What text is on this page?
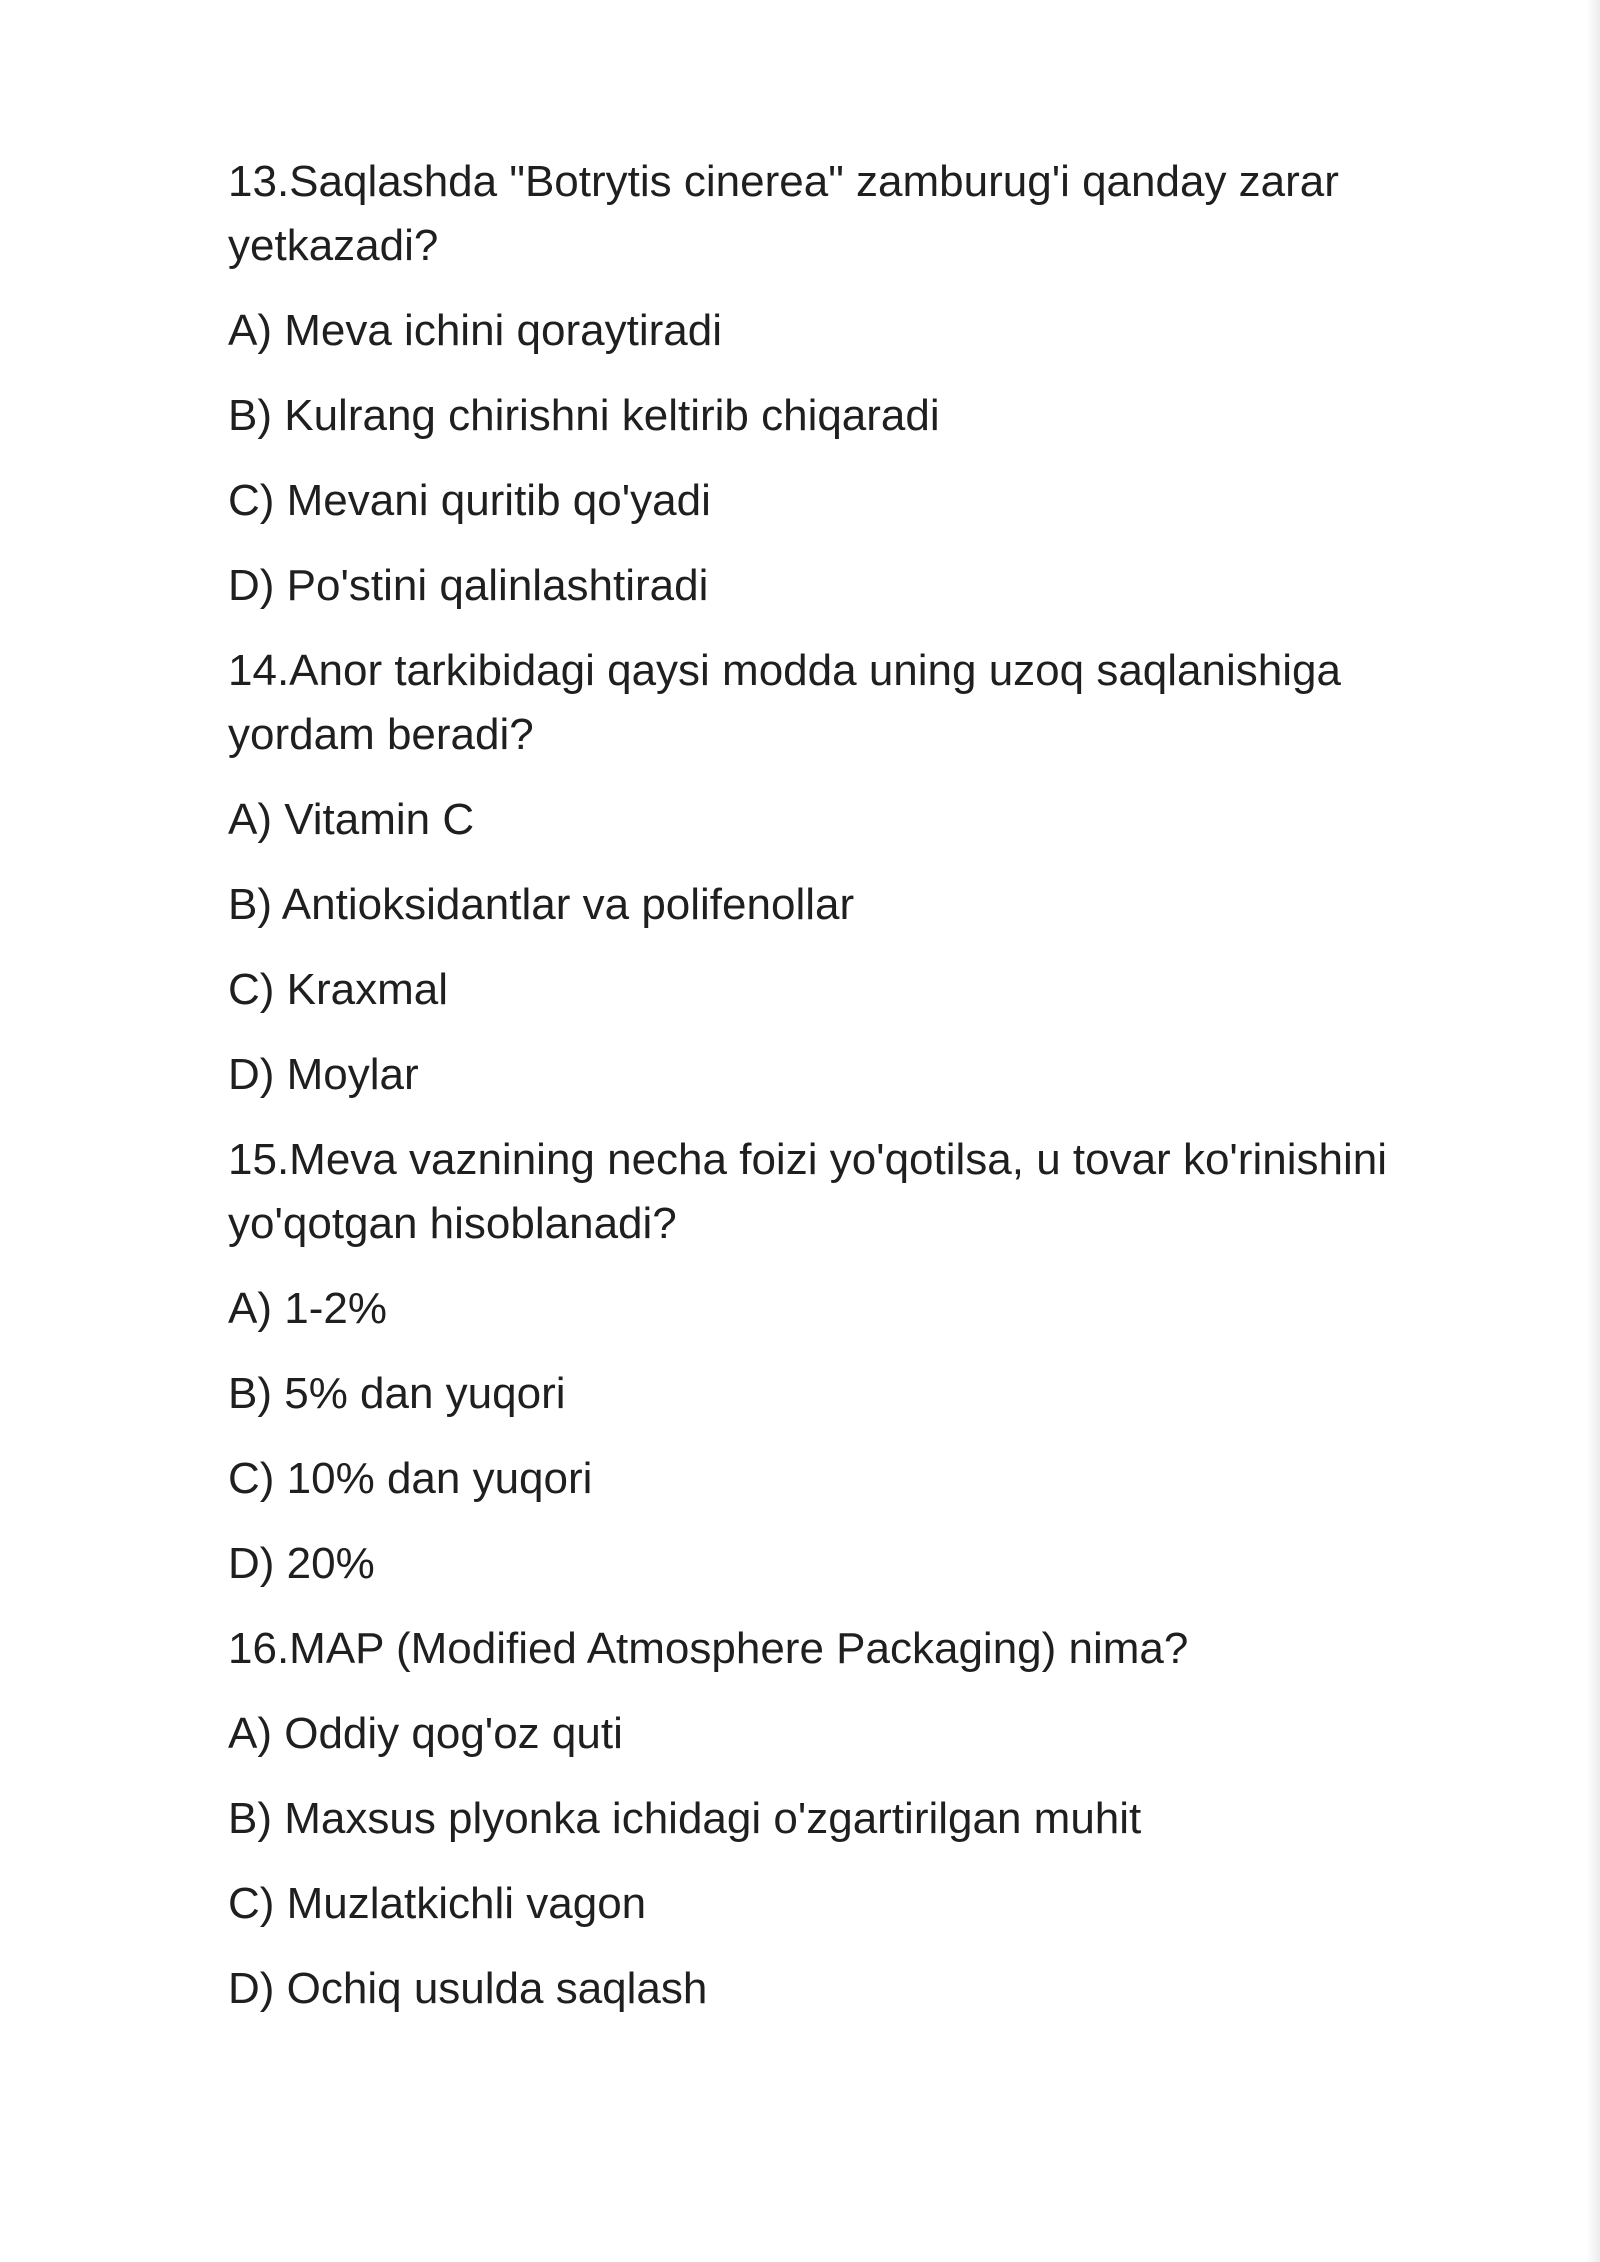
13.Saqlashda "Botrytis cinerea" zamburug'i qanday zarar yetkazadi?

A) Meva ichini qoraytiradi

B) Kulrang chirishni keltirib chiqaradi

C) Mevani quritib qo'yadi

D) Po'stini qalinlashtiradi

14.Anor tarkibidagi qaysi modda uning uzoq saqlanishiga yordam beradi?

A) Vitamin C

B) Antioksidantlar va polifenollar

C) Kraxmal

D) Moylar

15.Meva vaznining necha foizi yo'qotilsa, u tovar ko'rinishini yo'qotgan hisoblanadi?

A) 1-2%

B) 5% dan yuqori

C) 10% dan yuqori

D) 20%

16.MAP (Modified Atmosphere Packaging) nima?

A) Oddiy qog'oz quti

B) Maxsus plyonka ichidagi o'zgartirilgan muhit

C) Muzlatkichli vagon

D) Ochiq usulda saqlash
